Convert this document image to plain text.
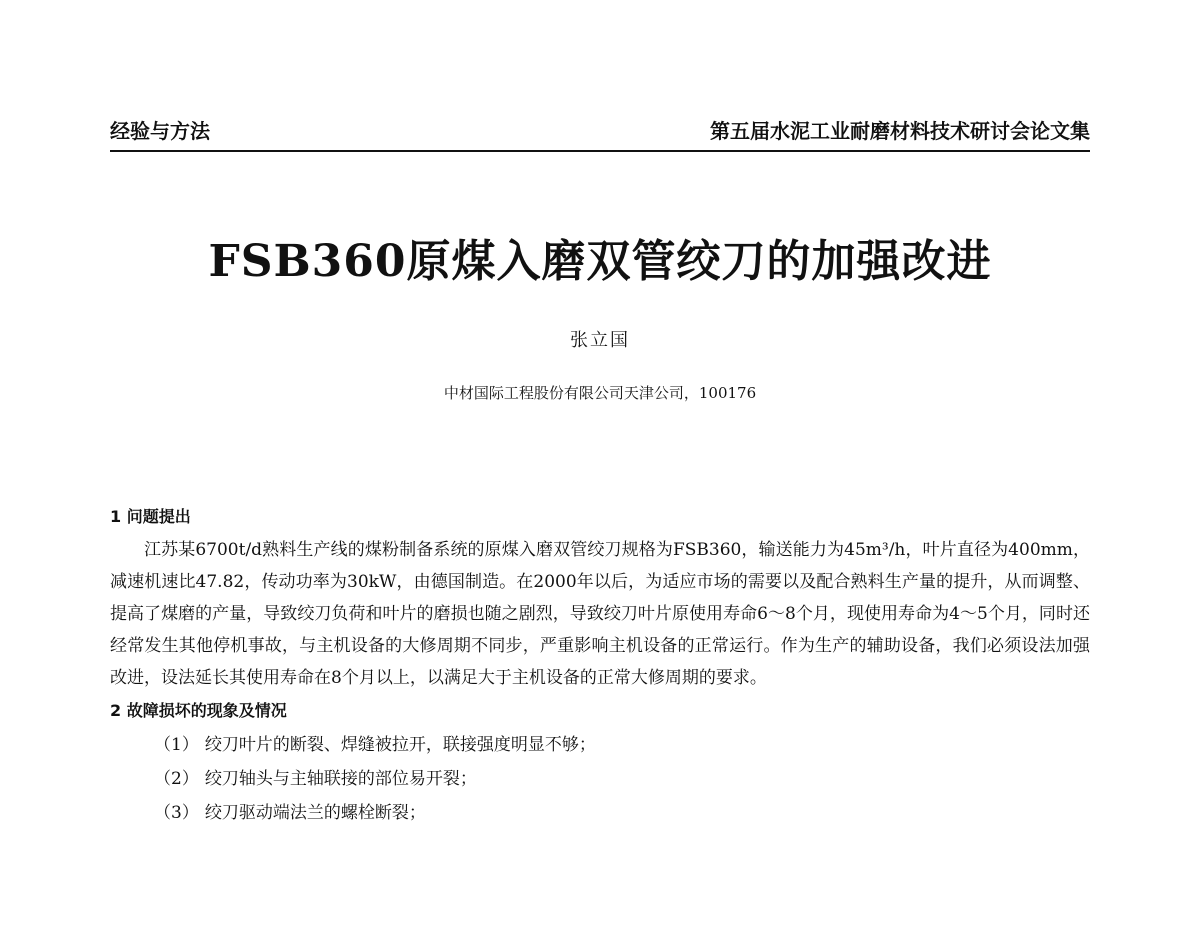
经验与方法	第五届水泥工业耐磨材料技术研讨会论文集
FSB360原煤入磨双管绞刀的加强改进
张立国
中材国际工程股份有限公司天津公司，100176

1 问题提出

江苏某6700t/d熟料生产线的煤粉制备系统的原煤入磨双管绞刀规格为FSB360，输送能力为45m³/h，叶片直径为400mm，减速机速比47.82，传动功率为30kW，由德国制造。在2000年以后，为适应市场的需要以及配合熟料生产量的提升，从而调整、提高了煤磨的产量，导致绞刀负荷和叶片的磨损也随之剧烈，导致绞刀叶片原使用寿命6～8个月，现使用寿命为4～5个月，同时还经常发生其他停机事故，与主机设备的大修周期不同步，严重影响主机设备的正常运行。作为生产的辅助设备，我们必须设法加强改进，设法延长其使用寿命在8个月以上，以满足大于主机设备的正常大修周期的要求。

2 故障损坏的现象及情况

（1） 绞刀叶片的断裂、焊缝被拉开，联接强度明显不够；

（2） 绞刀轴头与主轴联接的部位易开裂；

（3） 绞刀驱动端法兰的螺栓断裂；
